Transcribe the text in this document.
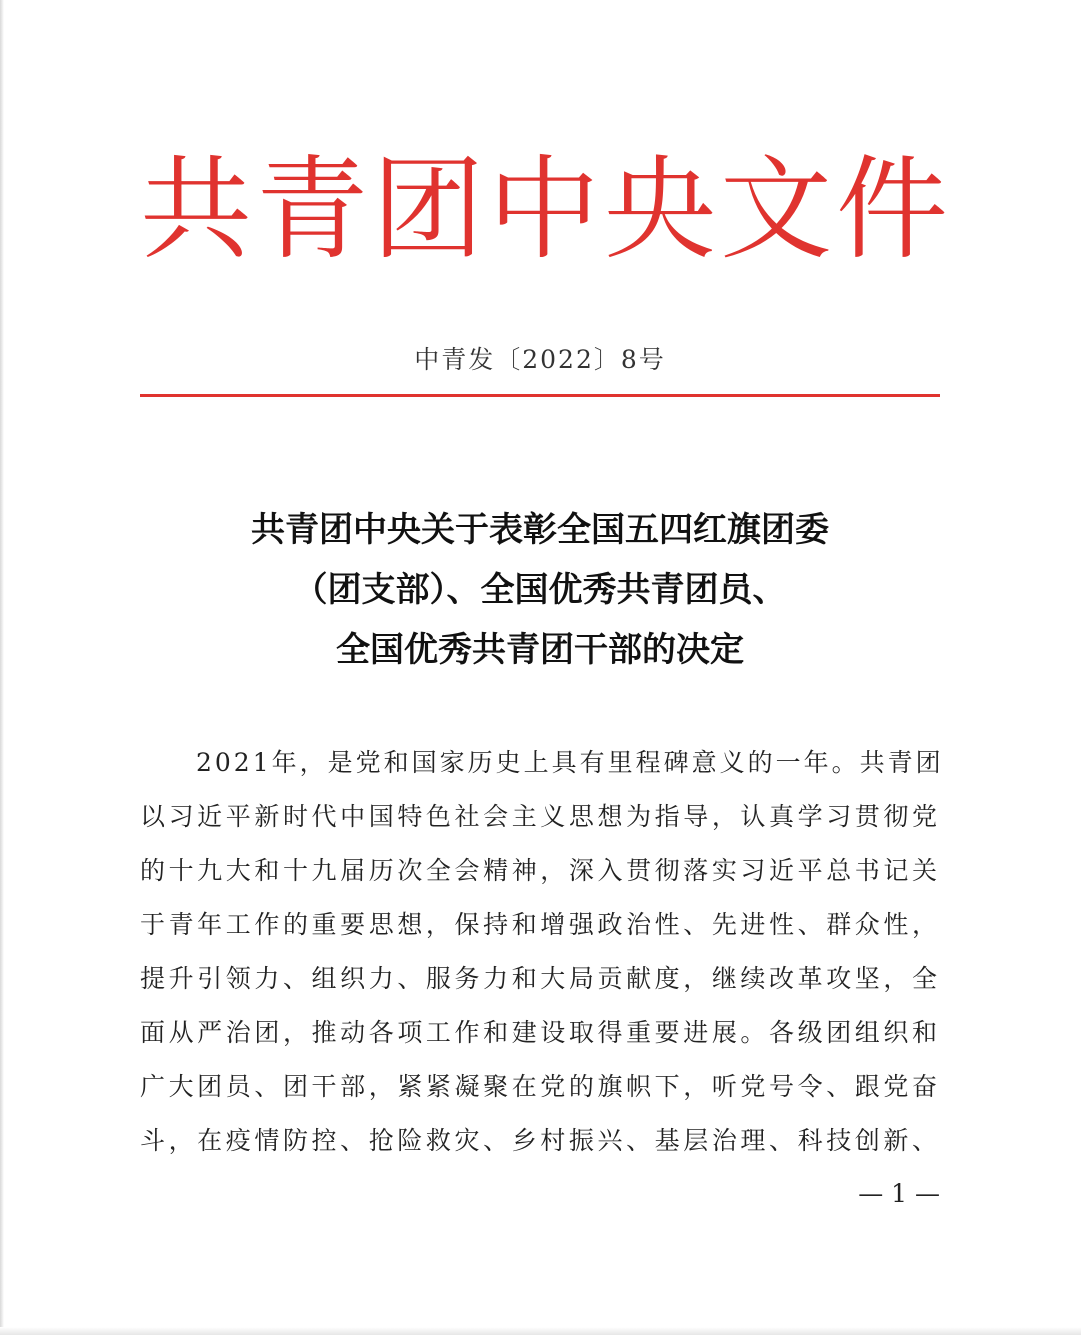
共青团中央文件
中青发〔2022〕8号
共青团中央关于表彰全国五四红旗团委
（团支部）、全国优秀共青团员、
全国优秀共青团干部的决定
2021年，是党和国家历史上具有里程碑意义的一年。共青团
以习近平新时代中国特色社会主义思想为指导，认真学习贯彻党
的十九大和十九届历次全会精神，深入贯彻落实习近平总书记关
于青年工作的重要思想，保持和增强政治性、先进性、群众性，
提升引领力、组织力、服务力和大局贡献度，继续改革攻坚，全
面从严治团，推动各项工作和建设取得重要进展。各级团组织和
广大团员、团干部，紧紧凝聚在党的旗帜下，听党号令、跟党奋
斗，在疫情防控、抢险救灾、乡村振兴、基层治理、科技创新、
— 1 —
